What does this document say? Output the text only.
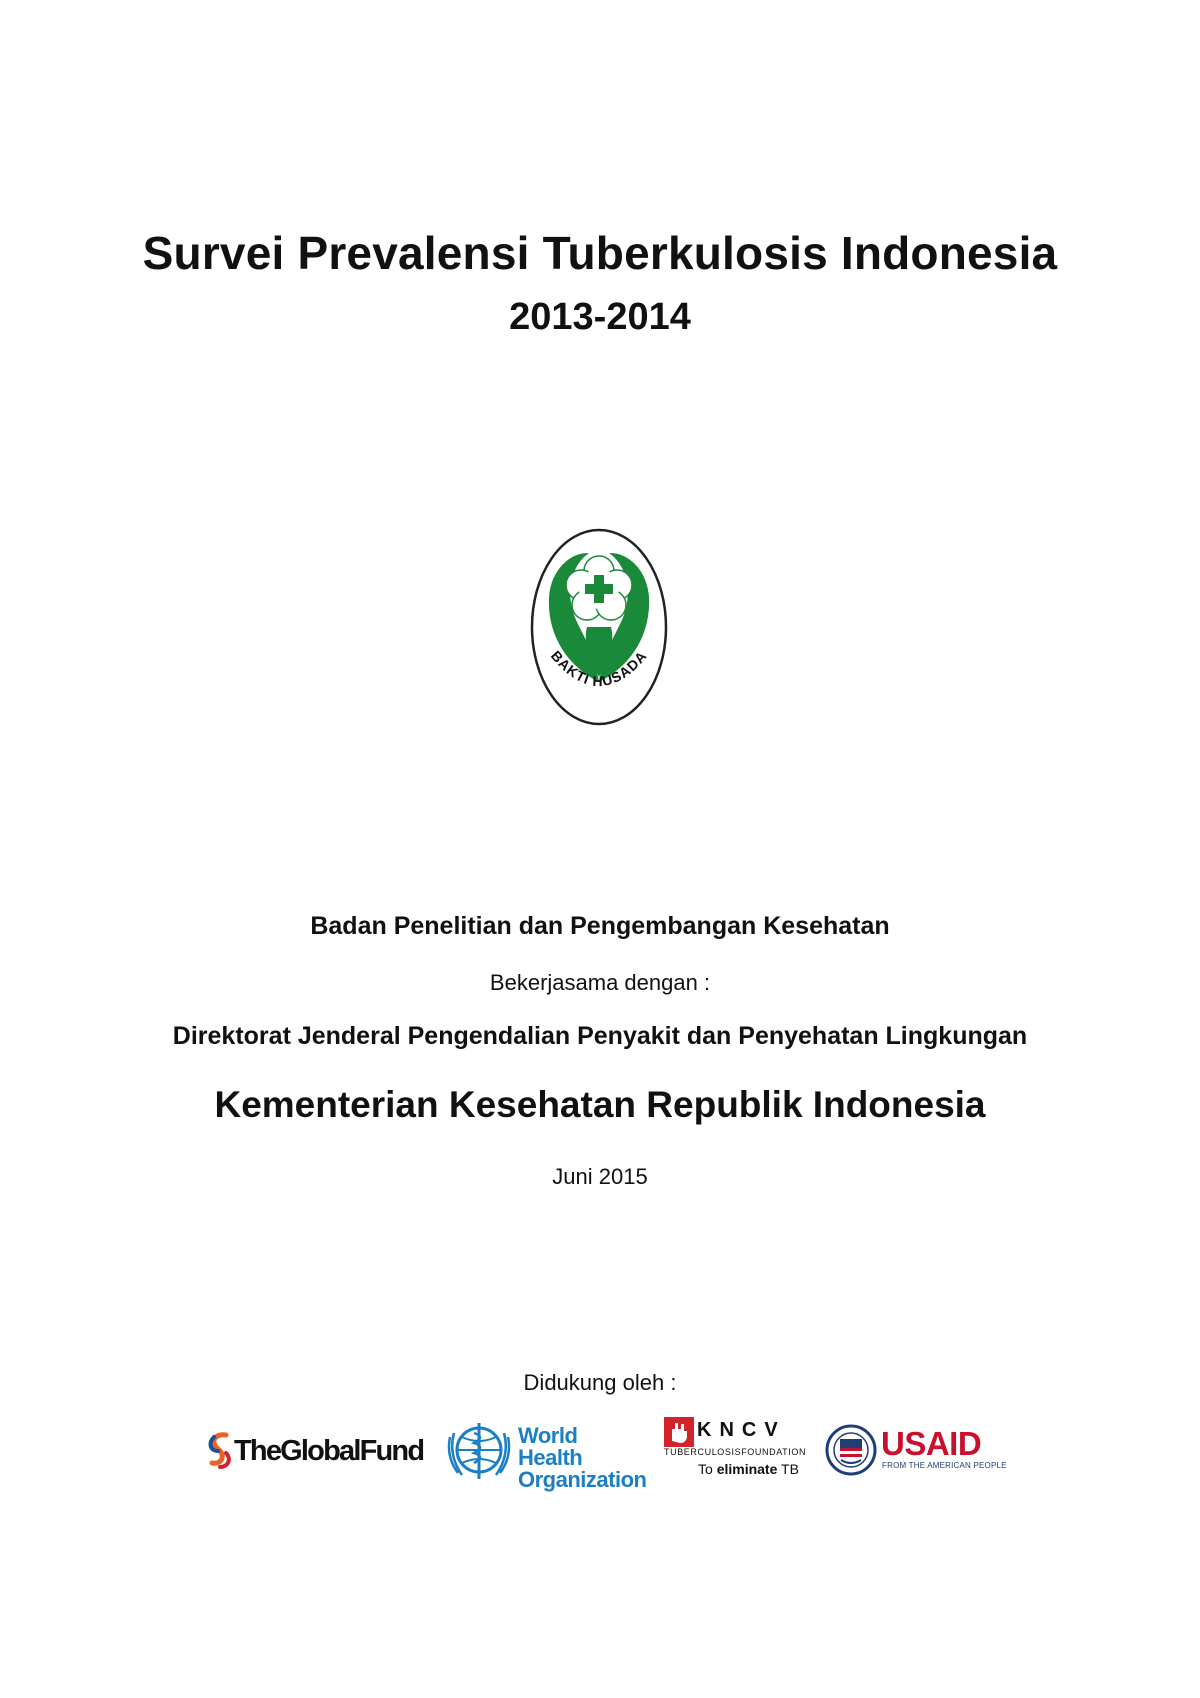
Survei Prevalensi Tuberkulosis Indonesia
2013-2014
BAKTI HUSADA
Badan Penelitian dan Pengembangan Kesehatan
Bekerjasama dengan :
Direktorat Jenderal Pengendalian Penyakit dan Penyehatan Lingkungan
Kementerian Kesehatan Republik Indonesia
Juni 2015
Didukung oleh :
TheGlobalFund	World Health
Organization
KNCV
TUBERCULOSISFOUNDATION
To eliminate TB
USAID
FROM THE AMERICAN PEOPLE
